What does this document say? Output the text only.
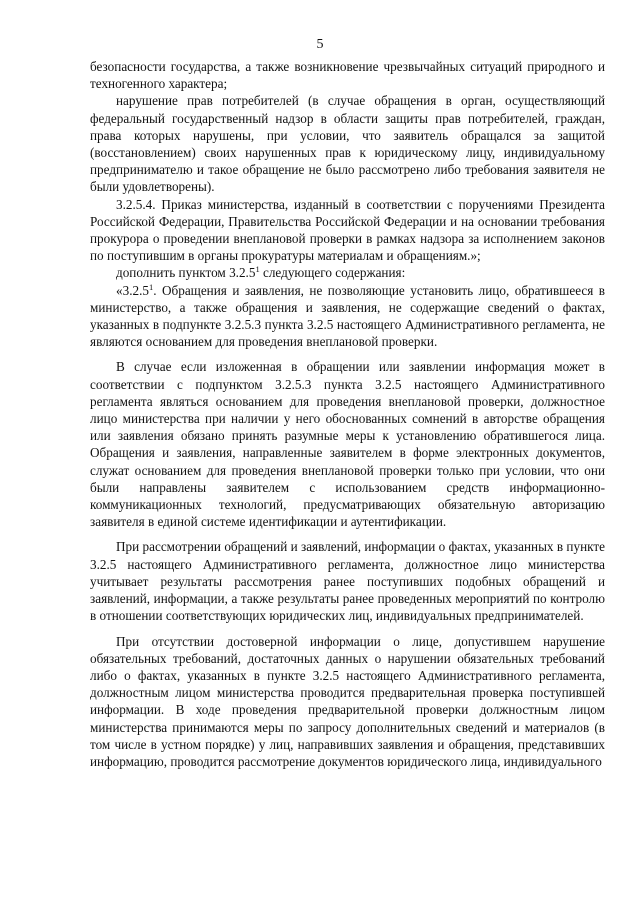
5

безопасности государства, а также возникновение чрезвычайных ситуаций природного и техногенного характера;

нарушение прав потребителей (в случае обращения в орган, осуществляющий федеральный государственный надзор в области защиты прав потребителей, граждан, права которых нарушены, при условии, что заявитель обращался за защитой (восстановлением) своих нарушенных прав к юридическому лицу, индивидуальному предпринимателю и такое обращение не было рассмотрено либо требования заявителя не были удовлетворены).

3.2.5.4. Приказ министерства, изданный в соответствии с поручениями Президента Российской Федерации, Правительства Российской Федерации и на основании требования прокурора о проведении внеплановой проверки в рамках надзора за исполнением законов по поступившим в органы прокуратуры материалам и обращениям.»;

дополнить пунктом 3.2.5$^1$ следующего содержания:

«3.2.5$^1$. Обращения и заявления, не позволяющие установить лицо, обратившееся в министерство, а также обращения и заявления, не содержащие сведений о фактах, указанных в подпункте 3.2.5.3 пункта 3.2.5 настоящего Административного регламента, не являются основанием для проведения внеплановой проверки.

В случае если изложенная в обращении или заявлении информация может в соответствии с подпунктом 3.2.5.3 пункта 3.2.5 настоящего Административного регламента являться основанием для проведения внеплановой проверки, должностное лицо министерства при наличии у него обоснованных сомнений в авторстве обращения или заявления обязано принять разумные меры к установлению обратившегося лица. Обращения и заявления, направленные заявителем в форме электронных документов, служат основанием для проведения внеплановой проверки только при условии, что они были направлены заявителем с использованием средств информационно-коммуникационных технологий, предусматривающих обязательную авторизацию заявителя в единой системе идентификации и аутентификации.

При рассмотрении обращений и заявлений, информации о фактах, указанных в пункте 3.2.5 настоящего Административного регламента, должностное лицо министерства учитывает результаты рассмотрения ранее поступивших подобных обращений и заявлений, информации, а также результаты ранее проведенных мероприятий по контролю в отношении соответствующих юридических лиц, индивидуальных предпринимателей.

При отсутствии достоверной информации о лице, допустившем нарушение обязательных требований, достаточных данных о нарушении обязательных требований либо о фактах, указанных в пункте 3.2.5 настоящего Административного регламента, должностным лицом министерства проводится предварительная проверка поступившей информации. В ходе проведения предварительной проверки должностным лицом министерства принимаются меры по запросу дополнительных сведений и материалов (в том числе в устном порядке) у лиц, направивших заявления и обращения, представивших информацию, проводится рассмотрение документов юридического лица, индивидуального
